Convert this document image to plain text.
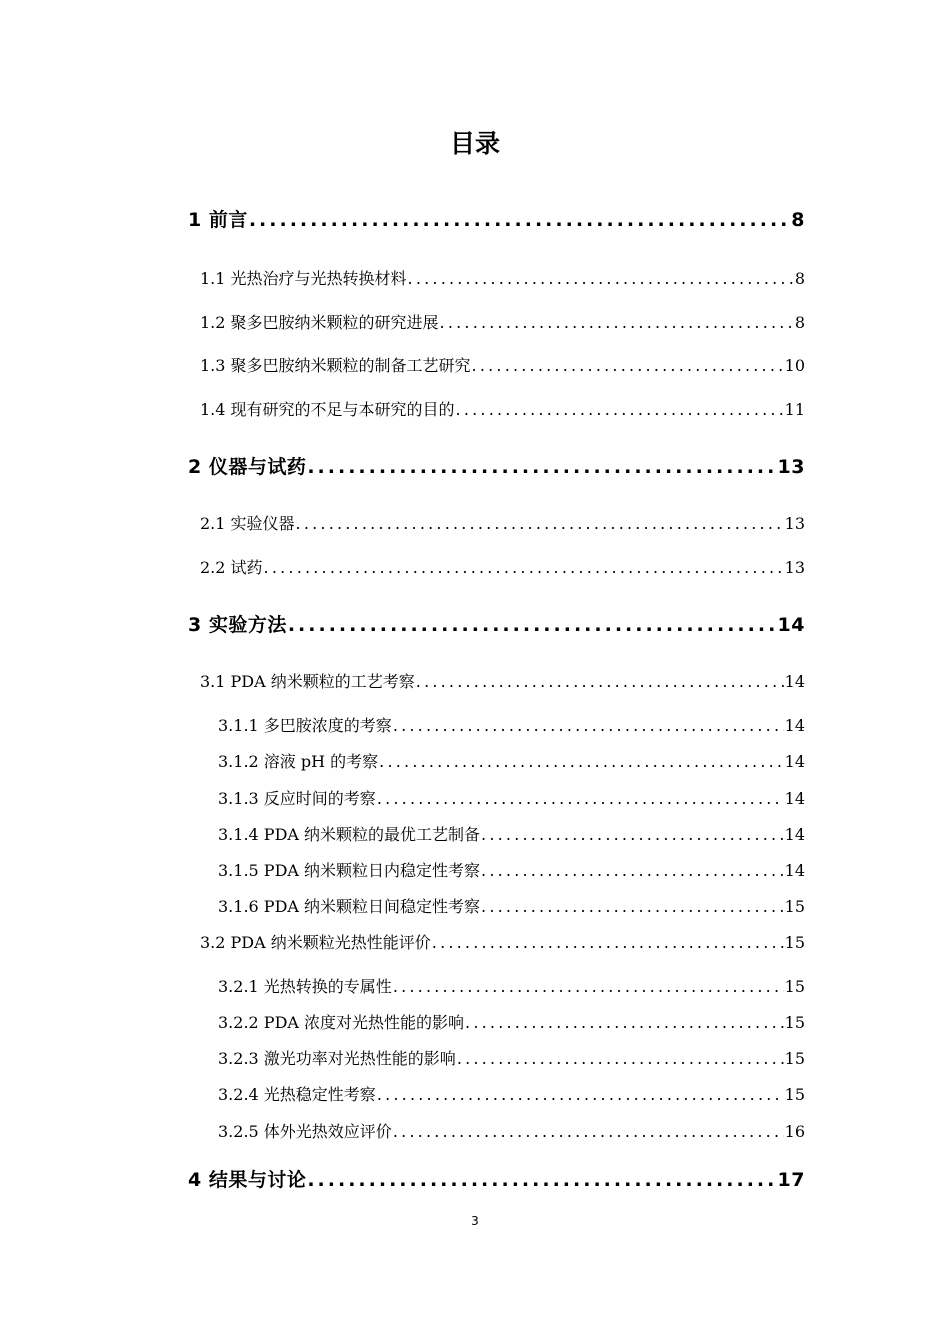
目录
1 前言 .....	8
1.1 光热治疗与光热转换材料 .....	8
1.2 聚多巴胺纳米颗粒的研究进展 .....	8
1.3 聚多巴胺纳米颗粒的制备工艺研究 .....	10
1.4 现有研究的不足与本研究的目的 .....	11
2 仪器与试药 .....	13
2.1 实验仪器 .....	13
2.2 试药 .....	13
3 实验方法 .....	14
3.1 PDA 纳米颗粒的工艺考察 .....	14
3.1.1 多巴胺浓度的考察 .....	14
3.1.2 溶液 pH 的考察 .....	14
3.1.3 反应时间的考察 .....	14
3.1.4 PDA 纳米颗粒的最优工艺制备 .....	14
3.1.5 PDA 纳米颗粒日内稳定性考察 .....	14
3.1.6 PDA 纳米颗粒日间稳定性考察 .....	15
3.2 PDA 纳米颗粒光热性能评价 .....	15
3.2.1 光热转换的专属性 .....	15
3.2.2 PDA 浓度对光热性能的影响 .....	15
3.2.3 激光功率对光热性能的影响 .....	15
3.2.4 光热稳定性考察 .....	15
3.2.5 体外光热效应评价 .....	16
4 结果与讨论 .....	17
3
